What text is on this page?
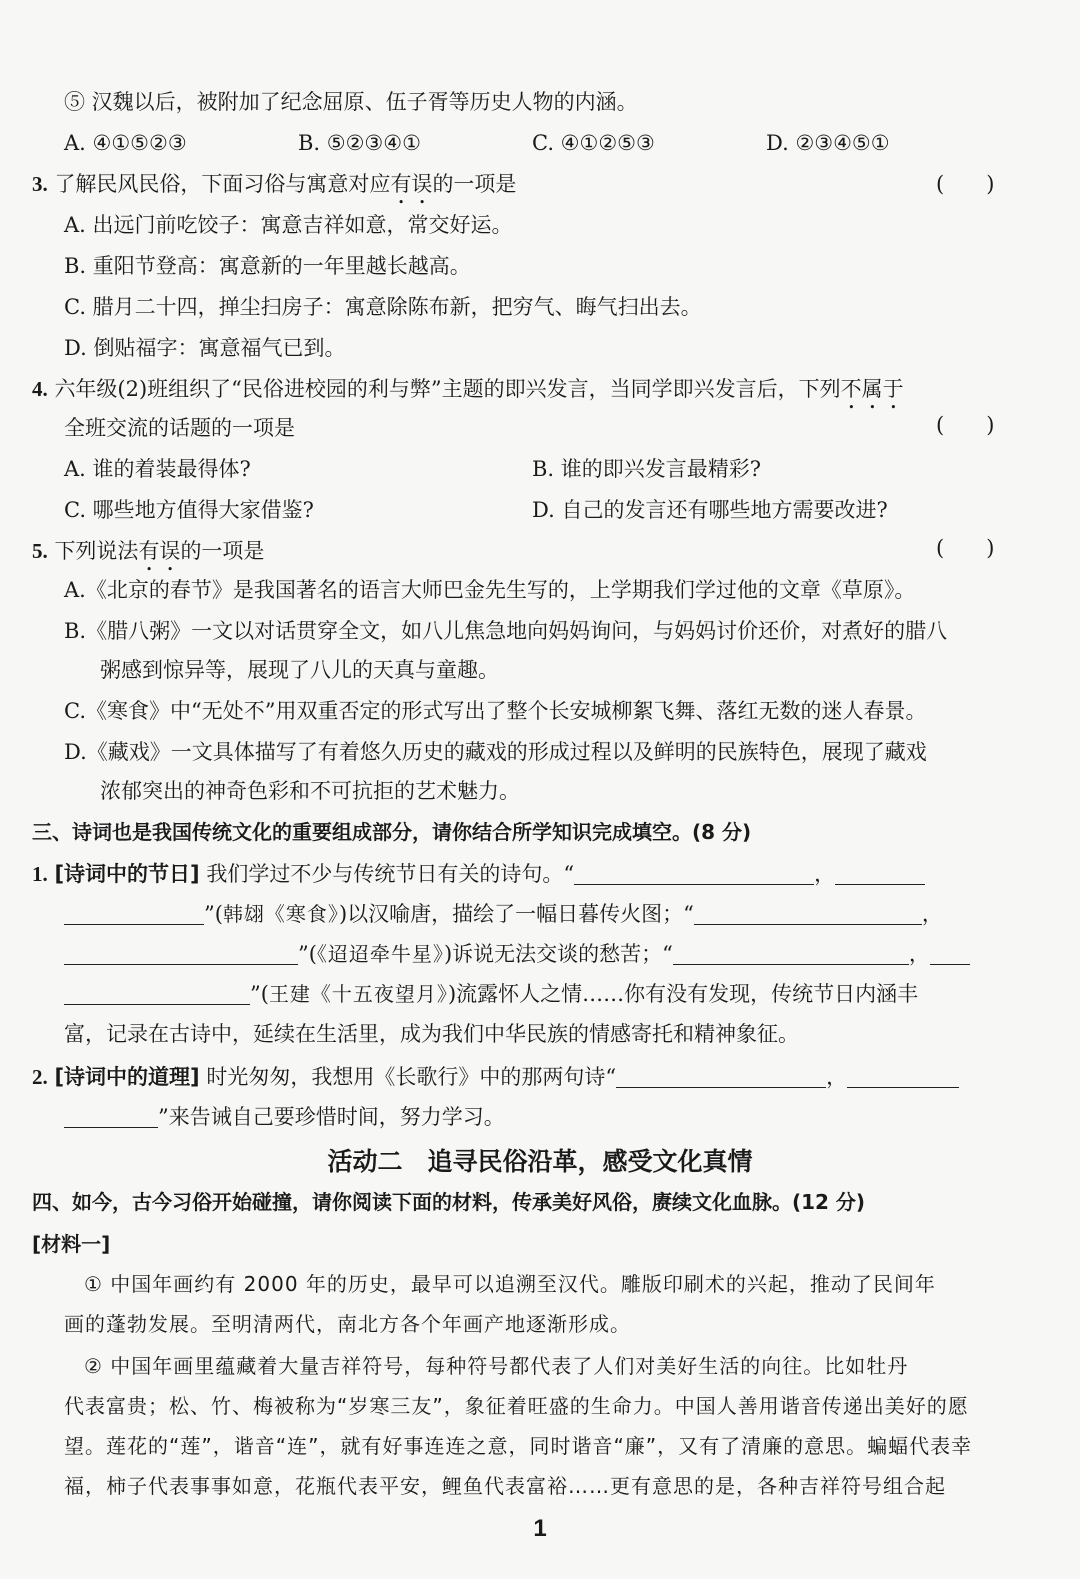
⑤ 汉魏以后，被附加了纪念屈原、伍子胥等历史人物的内涵。
A. ④①⑤②③	B. ⑤②③④①	C. ④①②⑤③	D. ②③④⑤①
3. 了解民风民俗，下面习俗与寓意对应有误的一项是	(　　)
A. 出远门前吃饺子：寓意吉祥如意，常交好运。
B. 重阳节登高：寓意新的一年里越长越高。
C. 腊月二十四，掸尘扫房子：寓意除陈布新，把穷气、晦气扫出去。
D. 倒贴福字：寓意福气已到。
4. 六年级(2)班组织了“民俗进校园的利与弊”主题的即兴发言，当同学即兴发言后，下列不属于
全班交流的话题的一项是	(　　)
A. 谁的着装最得体?	B. 谁的即兴发言最精彩?
C. 哪些地方值得大家借鉴?	D. 自己的发言还有哪些地方需要改进?
5. 下列说法有误的一项是	(　　)
A.《北京的春节》是我国著名的语言大师巴金先生写的，上学期我们学过他的文章《草原》。
B.《腊八粥》一文以对话贯穿全文，如八儿焦急地向妈妈询问，与妈妈讨价还价，对煮好的腊八
粥感到惊异等，展现了八儿的天真与童趣。
C.《寒食》中“无处不”用双重否定的形式写出了整个长安城柳絮飞舞、落红无数的迷人春景。
D.《藏戏》一文具体描写了有着悠久历史的藏戏的形成过程以及鲜明的民族特色，展现了藏戏
浓郁突出的神奇色彩和不可抗拒的艺术魅力。
三、诗词也是我国传统文化的重要组成部分，请你结合所学知识完成填空。(8 分)
1. [诗词中的节日] 我们学过不少与传统节日有关的诗句。“	，
”(韩翃《寒食》)以汉喻唐，描绘了一幅日暮传火图；“	，
”(《迢迢牵牛星》)诉说无法交谈的愁苦；“	，
”(王建《十五夜望月》)流露怀人之情……你有没有发现，传统节日内涵丰
富，记录在古诗中，延续在生活里，成为我们中华民族的情感寄托和精神象征。
2. [诗词中的道理] 时光匆匆，我想用《长歌行》中的那两句诗“	，
”来告诫自己要珍惜时间，努力学习。
活动二　追寻民俗沿革，感受文化真情
四、如今，古今习俗开始碰撞，请你阅读下面的材料，传承美好风俗，赓续文化血脉。(12 分)
[材料一]
① 中国年画约有 2000 年的历史，最早可以追溯至汉代。雕版印刷术的兴起，推动了民间年
画的蓬勃发展。至明清两代，南北方各个年画产地逐渐形成。
② 中国年画里蕴藏着大量吉祥符号，每种符号都代表了人们对美好生活的向往。比如牡丹
代表富贵；松、竹、梅被称为“岁寒三友”，象征着旺盛的生命力。中国人善用谐音传递出美好的愿
望。莲花的“莲”，谐音“连”，就有好事连连之意，同时谐音“廉”，又有了清廉的意思。蝙蝠代表幸
福，柿子代表事事如意，花瓶代表平安，鲤鱼代表富裕……更有意思的是，各种吉祥符号组合起
1
